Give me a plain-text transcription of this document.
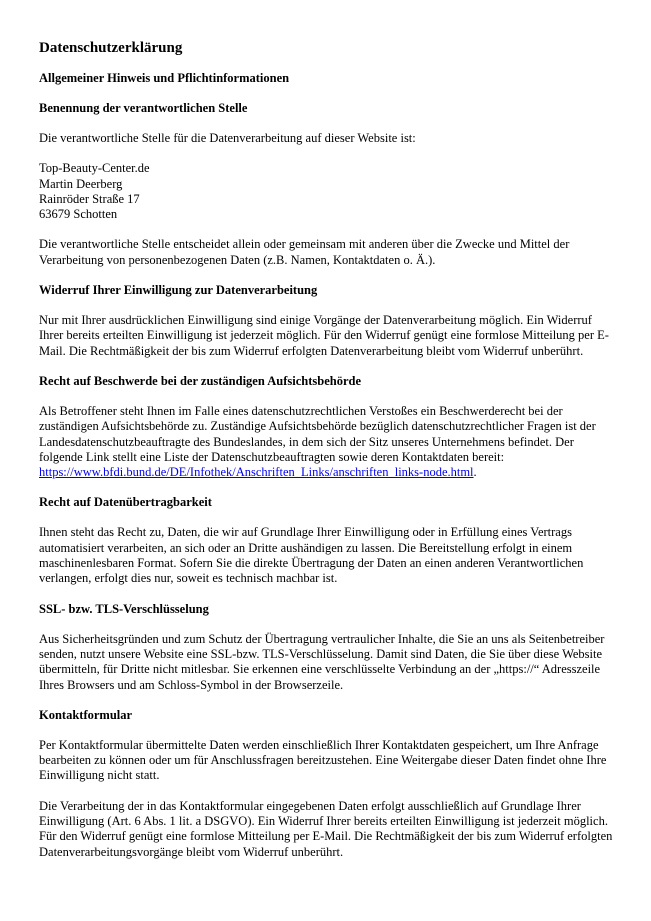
Datenschutzerklärung
Allgemeiner Hinweis und Pflichtinformationen
Benennung der verantwortlichen Stelle

Die verantwortliche Stelle für die Datenverarbeitung auf dieser Website ist:

Top-Beauty-Center.de
Martin Deerberg
Rainröder Straße 17
63679 Schotten

Die verantwortliche Stelle entscheidet allein oder gemeinsam mit anderen über die Zwecke und Mittel der Verarbeitung von personenbezogenen Daten (z.B. Namen, Kontaktdaten o. Ä.).

Widerruf Ihrer Einwilligung zur Datenverarbeitung

Nur mit Ihrer ausdrücklichen Einwilligung sind einige Vorgänge der Datenverarbeitung möglich. Ein Widerruf Ihrer bereits erteilten Einwilligung ist jederzeit möglich. Für den Widerruf genügt eine formlose Mitteilung per E-Mail. Die Rechtmäßigkeit der bis zum Widerruf erfolgten Datenverarbeitung bleibt vom Widerruf unberührt.

Recht auf Beschwerde bei der zuständigen Aufsichtsbehörde

Als Betroffener steht Ihnen im Falle eines datenschutzrechtlichen Verstoßes ein Beschwerderecht bei der zuständigen Aufsichtsbehörde zu. Zuständige Aufsichtsbehörde bezüglich datenschutzrechtlicher Fragen ist der Landesdatenschutzbeauftragte des Bundeslandes, in dem sich der Sitz unseres Unternehmens befindet. Der folgende Link stellt eine Liste der Datenschutzbeauftragten sowie deren Kontaktdaten bereit:
https://www.bfdi.bund.de/DE/Infothek/Anschriften_Links/anschriften_links-node.html.

Recht auf Datenübertragbarkeit

Ihnen steht das Recht zu, Daten, die wir auf Grundlage Ihrer Einwilligung oder in Erfüllung eines Vertrags automatisiert verarbeiten, an sich oder an Dritte aushändigen zu lassen. Die Bereitstellung erfolgt in einem maschinenlesbaren Format. Sofern Sie die direkte Übertragung der Daten an einen anderen Verantwortlichen verlangen, erfolgt dies nur, soweit es technisch machbar ist.

SSL- bzw. TLS-Verschlüsselung

Aus Sicherheitsgründen und zum Schutz der Übertragung vertraulicher Inhalte, die Sie an uns als Seitenbetreiber senden, nutzt unsere Website eine SSL-bzw. TLS-Verschlüsselung. Damit sind Daten, die Sie über diese Website übermitteln, für Dritte nicht mitlesbar. Sie erkennen eine verschlüsselte Verbindung an der „https://“ Adresszeile Ihres Browsers und am Schloss-Symbol in der Browserzeile.

Kontaktformular

Per Kontaktformular übermittelte Daten werden einschließlich Ihrer Kontaktdaten gespeichert, um Ihre Anfrage bearbeiten zu können oder um für Anschlussfragen bereitzustehen. Eine Weitergabe dieser Daten findet ohne Ihre Einwilligung nicht statt.

Die Verarbeitung der in das Kontaktformular eingegebenen Daten erfolgt ausschließlich auf Grundlage Ihrer Einwilligung (Art. 6 Abs. 1 lit. a DSGVO). Ein Widerruf Ihrer bereits erteilten Einwilligung ist jederzeit möglich. Für den Widerruf genügt eine formlose Mitteilung per E-Mail. Die Rechtmäßigkeit der bis zum Widerruf erfolgten Datenverarbeitungsvorgänge bleibt vom Widerruf unberührt.
